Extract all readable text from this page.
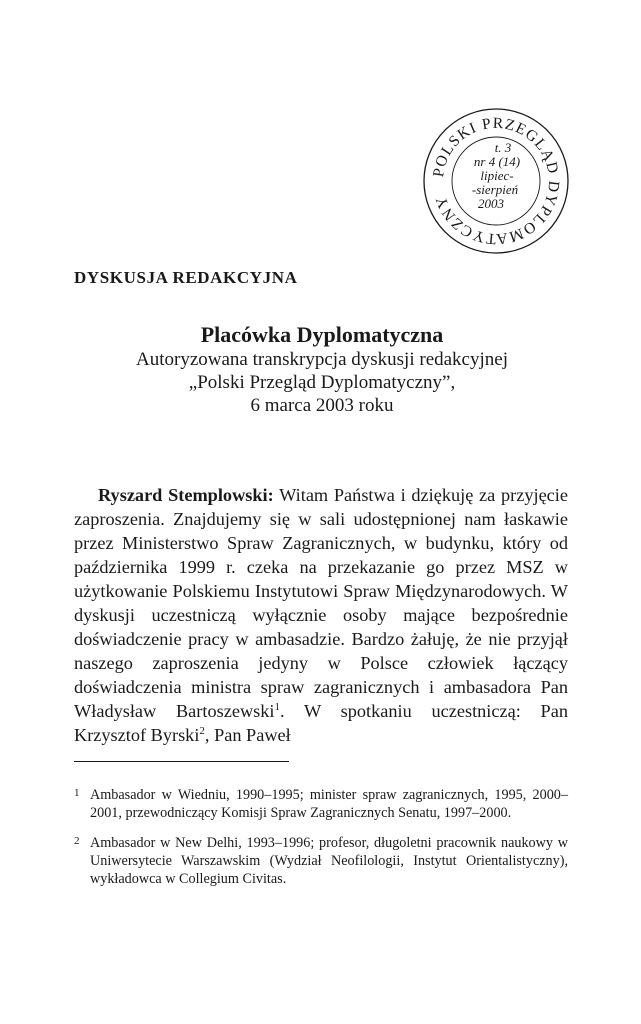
POLSKI PRZEGLĄD DYPLOMATYCZNY
t. 3
nr 4 (14)
lipiec-
-sierpień
2003
DYSKUSJA REDAKCYJNA
Placówka Dyplomatyczna

Autoryzowana transkrypcja dyskusji redakcyjnej

„Polski Przegląd Dyplomatyczny”,

6 marca 2003 roku

Ryszard Stemplowski: Witam Państwa i dziękuję za przyjęcie zaproszenia. Znajdujemy się w sali udostępnionej nam łaskawie przez Ministerstwo Spraw Zagranicznych, w budynku, który od października 1999 r. czeka na przekazanie go przez MSZ w użytkowanie Polskiemu Instytutowi Spraw Międzynarodowych. W dyskusji uczestniczą wyłącznie osoby mające bezpośrednie doświadczenie pracy w ambasadzie. Bardzo żałuję, że nie przyjął naszego zaproszenia jedyny w Polsce człowiek łączący doświadczenia ministra spraw zagranicznych i ambasadora Pan Władysław Bartoszewski$^1$. W spotkaniu uczestniczą: Pan Krzysztof Byrski$^2$, Pan Paweł

1 Ambasador w Wiedniu, 1990–1995; minister spraw zagranicznych, 1995, 2000–2001, przewodniczący Komisji Spraw Zagranicznych Senatu, 1997–2000.

2 Ambasador w New Delhi, 1993–1996; profesor, długoletni pracownik naukowy w Uniwersytecie Warszawskim (Wydział Neofilologii, Instytut Orientalistyczny), wykładowca w Collegium Civitas.
